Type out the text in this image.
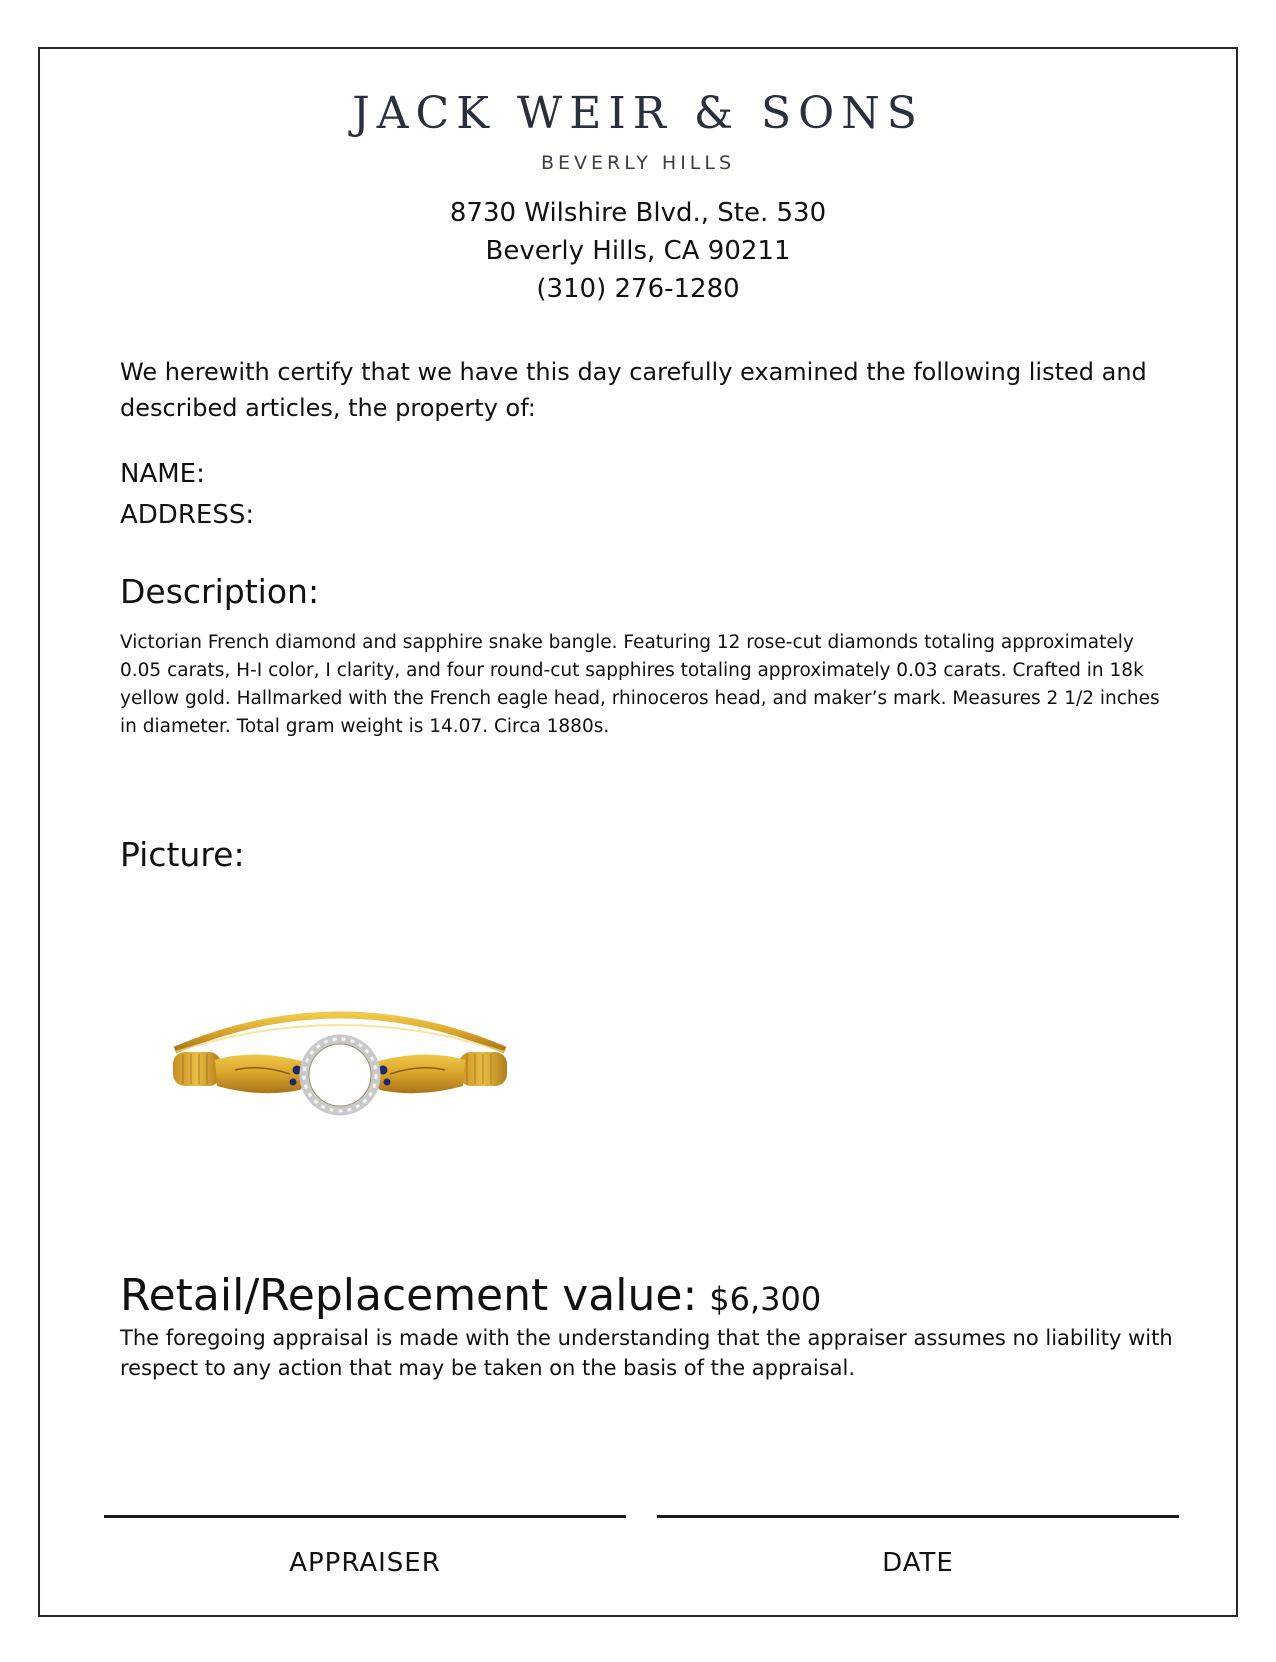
JACK WEIR & SONS
BEVERLY HILLS
8730 Wilshire Blvd., Ste. 530
Beverly Hills, CA 90211
(310) 276-1280
We herewith certify that we have this day carefully examined the following listed and described articles, the property of:
NAME:
ADDRESS:
Description:
Victorian French diamond and sapphire snake bangle. Featuring 12 rose-cut diamonds totaling approximately 0.05 carats, H-I color, I clarity, and four round-cut sapphires totaling approximately 0.03 carats. Crafted in 18k yellow gold. Hallmarked with the French eagle head, rhinoceros head, and maker’s mark. Measures 2 1/2 inches in diameter. Total gram weight is 14.07. Circa 1880s.
Picture:
Retail/Replacement value: $6,300
The foregoing appraisal is made with the understanding that the appraiser assumes no liability with respect to any action that may be taken on the basis of the appraisal.
APPRAISER	DATE
